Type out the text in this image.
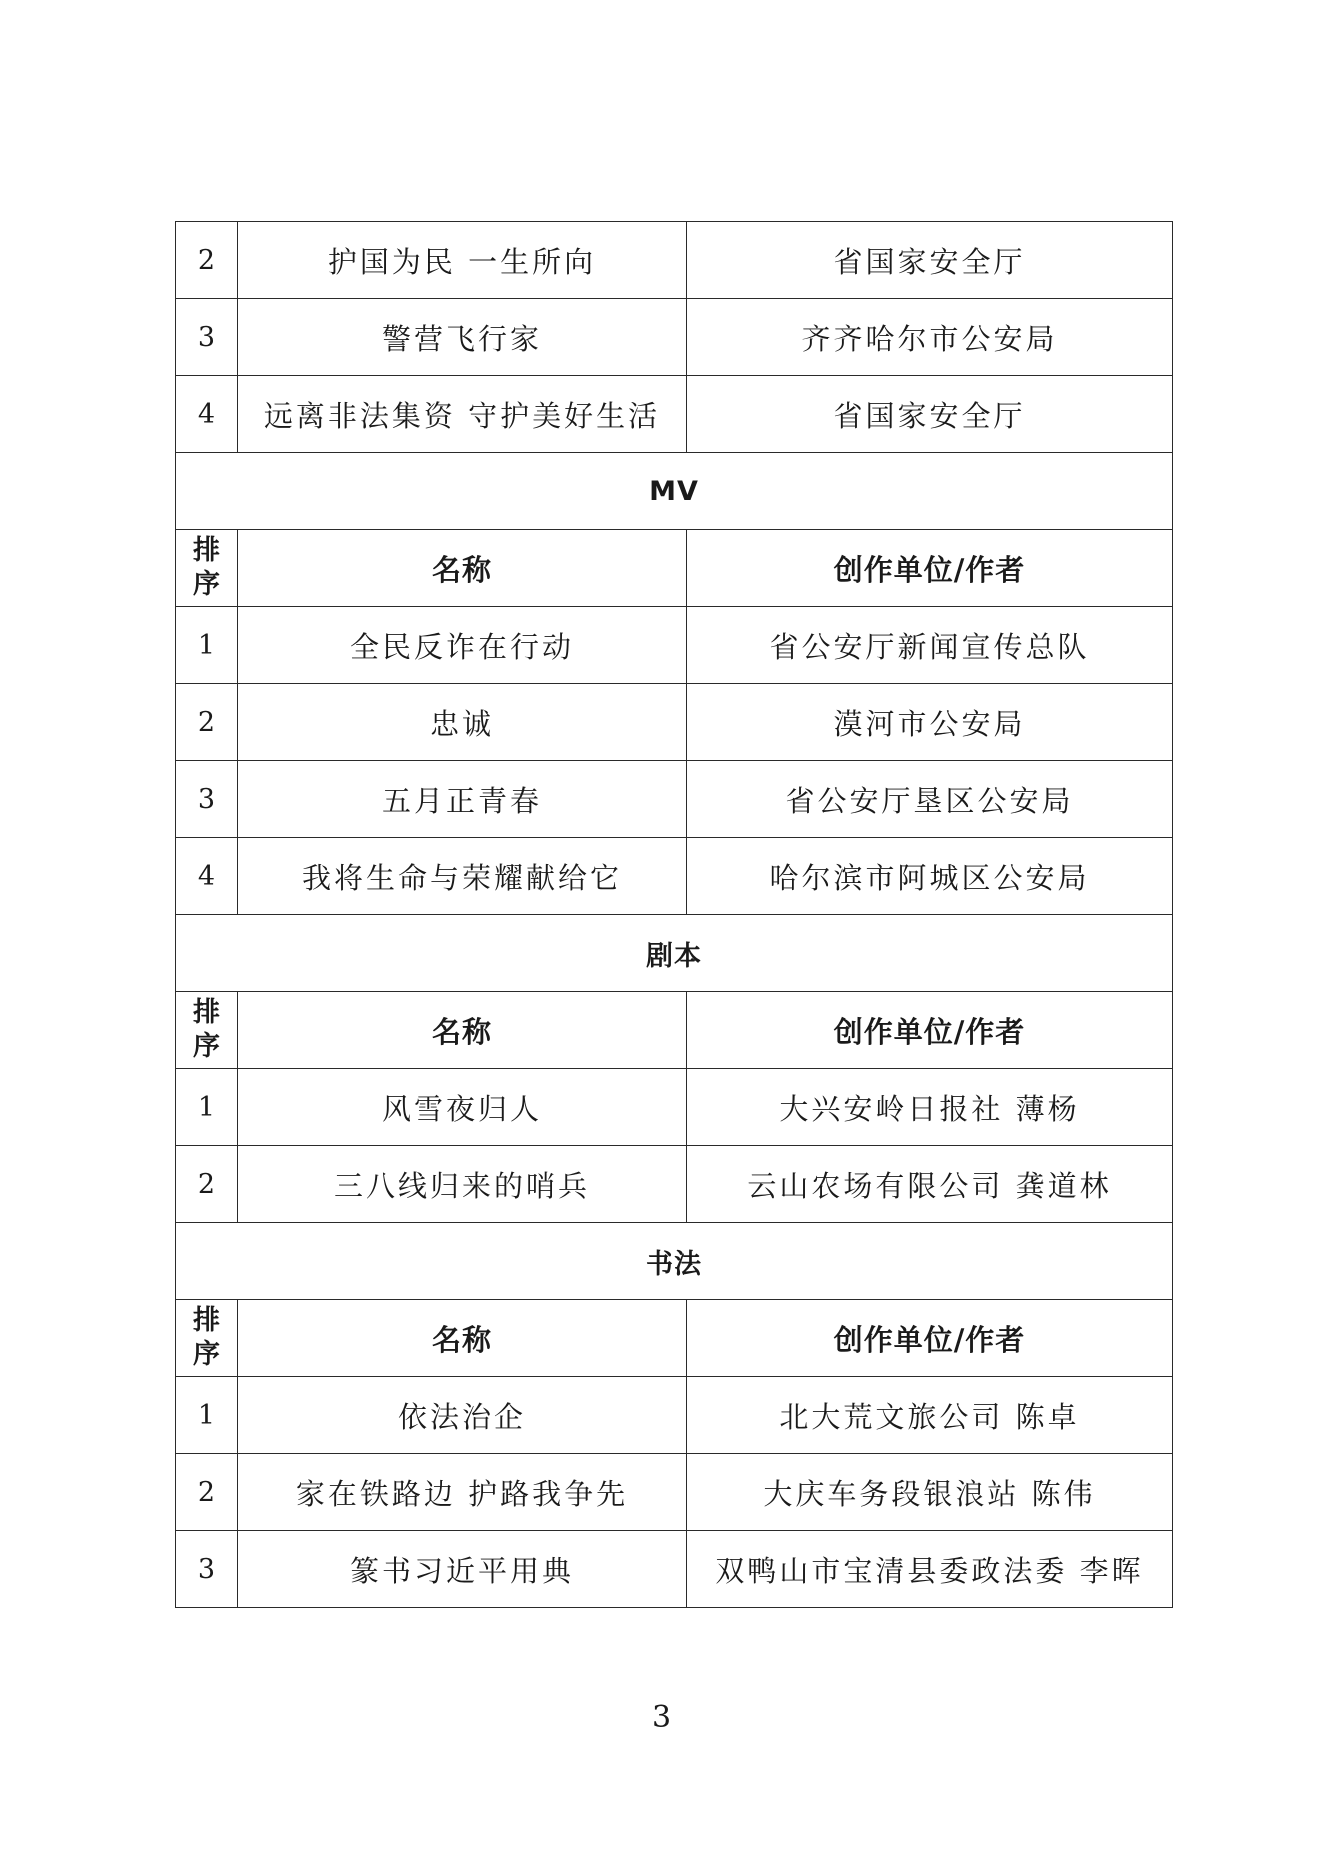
2	护国为民 一生所向	省国家安全厅
3	警营飞行家	齐齐哈尔市公安局
4	远离非法集资 守护美好生活	省国家安全厅
MV		

排
序	名称	创作单位/作者
1	全民反诈在行动	省公安厅新闻宣传总队
2	忠诚	漠河市公安局
3	五月正青春	省公安厅垦区公安局
4	我将生命与荣耀献给它	哈尔滨市阿城区公安局
剧本		

排
序	名称	创作单位/作者
1	风雪夜归人	大兴安岭日报社 薄杨
2	三八线归来的哨兵	云山农场有限公司 龚道林
书法		

排
序	名称	创作单位/作者
1	依法治企	北大荒文旅公司 陈卓
2	家在铁路边 护路我争先	大庆车务段银浪站 陈伟
3	篆书习近平用典	双鸭山市宝清县委政法委 李晖
3
